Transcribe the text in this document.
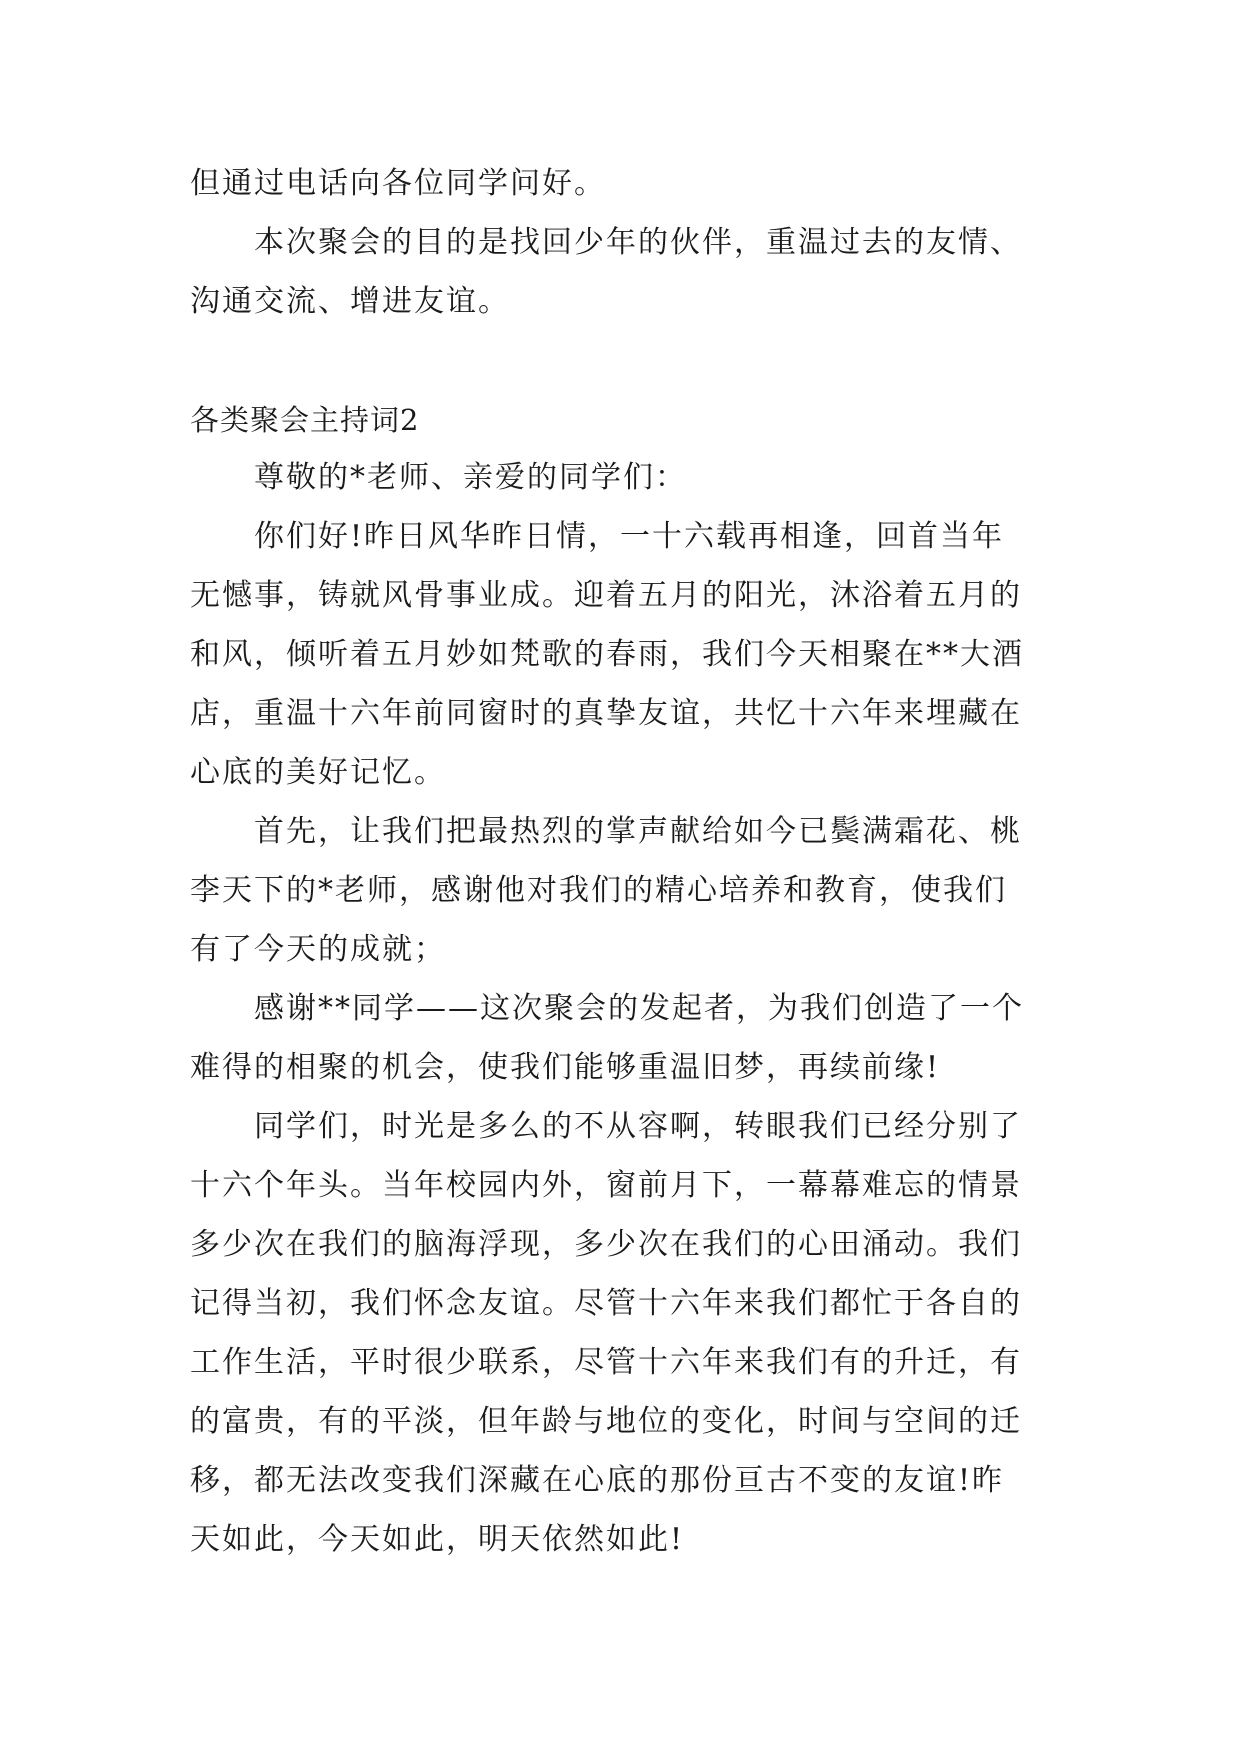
但通过电话向各位同学问好。

本次聚会的目的是找回少年的伙伴，重温过去的友情、

沟通交流、增进友谊。

各类聚会主持词2

尊敬的*老师、亲爱的同学们：

你们好!昨日风华昨日情，一十六载再相逢，回首当年

无憾事，铸就风骨事业成。迎着五月的阳光，沐浴着五月的

和风，倾听着五月妙如梵歌的春雨，我们今天相聚在**大酒

店，重温十六年前同窗时的真挚友谊，共忆十六年来埋藏在

心底的美好记忆。

首先，让我们把最热烈的掌声献给如今已鬓满霜花、桃

李天下的*老师，感谢他对我们的精心培养和教育，使我们

有了今天的成就；

感谢**同学——这次聚会的发起者，为我们创造了一个

难得的相聚的机会，使我们能够重温旧梦，再续前缘!

同学们，时光是多么的不从容啊，转眼我们已经分别了

十六个年头。当年校园内外，窗前月下，一幕幕难忘的情景

多少次在我们的脑海浮现，多少次在我们的心田涌动。我们

记得当初，我们怀念友谊。尽管十六年来我们都忙于各自的

工作生活，平时很少联系，尽管十六年来我们有的升迁，有

的富贵，有的平淡，但年龄与地位的变化，时间与空间的迁

移，都无法改变我们深藏在心底的那份亘古不变的友谊!昨

天如此，今天如此，明天依然如此!
